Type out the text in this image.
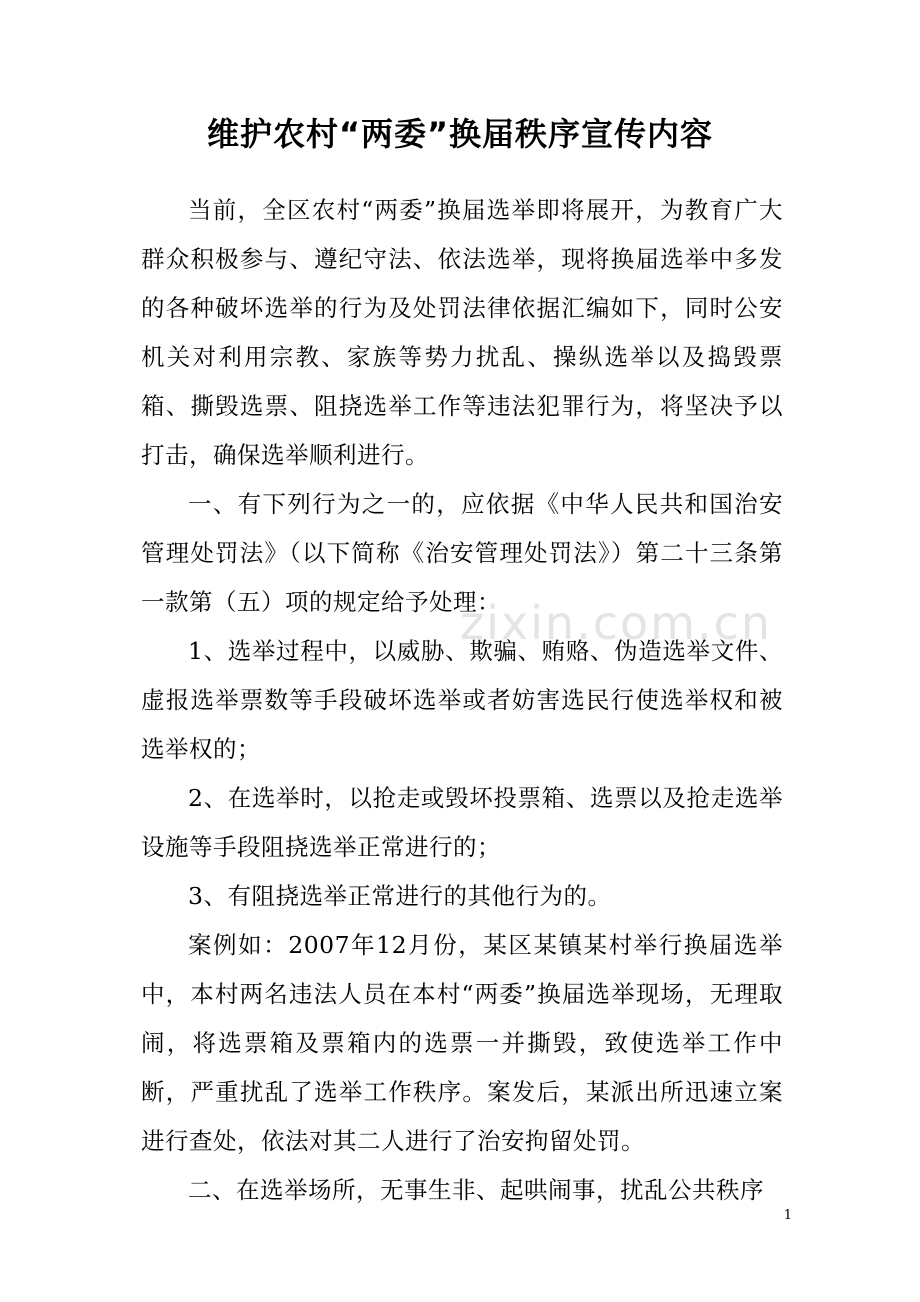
zixin.com.cn
维护农村“两委”换届秩序宣传内容

当前，全区农村“两委”换届选举即将展开，为教育广大群众积极参与、遵纪守法、依法选举，现将换届选举中多发的各种破坏选举的行为及处罚法律依据汇编如下，同时公安机关对利用宗教、家族等势力扰乱、操纵选举以及捣毁票箱、撕毁选票、阻挠选举工作等违法犯罪行为，将坚决予以打击，确保选举顺利进行。

一、有下列行为之一的，应依据《中华人民共和国治安管理处罚法》（以下简称《治安管理处罚法》）第二十三条第一款第（五）项的规定给予处理：

1、选举过程中，以威胁、欺骗、贿赂、伪造选举文件、虚报选举票数等手段破坏选举或者妨害选民行使选举权和被选举权的；

2、在选举时，以抢走或毁坏投票箱、选票以及抢走选举设施等手段阻挠选举正常进行的；

3、有阻挠选举正常进行的其他行为的。

案例如：2007年12月份，某区某镇某村举行换届选举中，本村两名违法人员在本村“两委”换届选举现场，无理取闹，将选票箱及票箱内的选票一并撕毁，致使选举工作中断，严重扰乱了选举工作秩序。案发后，某派出所迅速立案进行查处，依法对其二人进行了治安拘留处罚。

二、在选举场所，无事生非、起哄闹事，扰乱公共秩序

1
